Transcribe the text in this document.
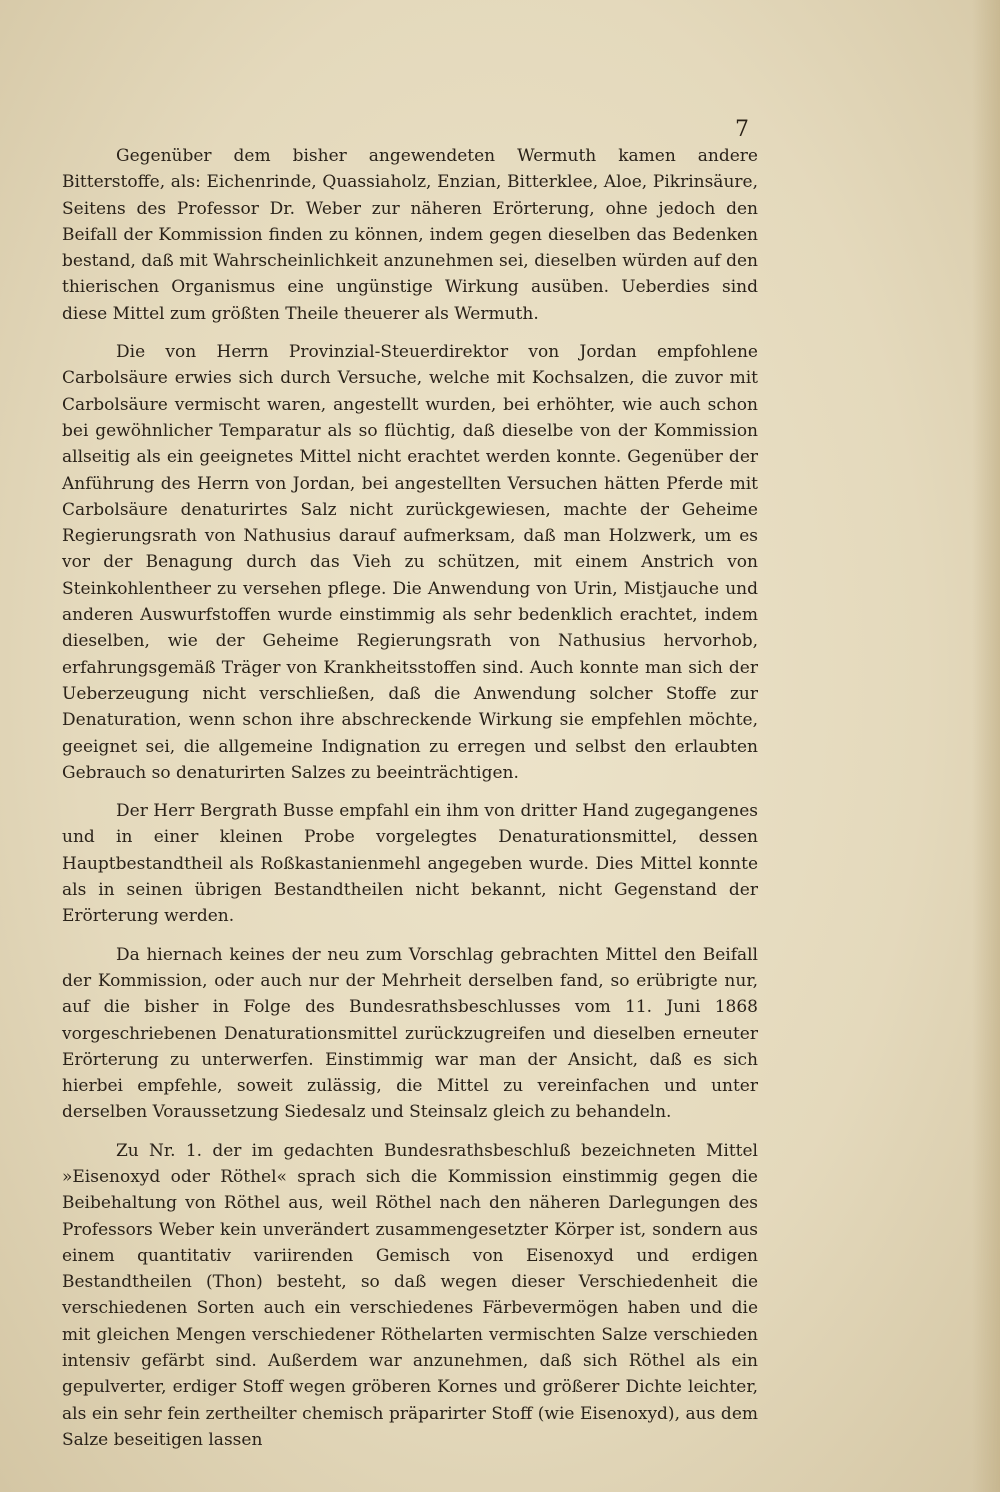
7

Gegenüber dem bisher angewendeten Wermuth kamen andere Bitterstoffe, als: Eichenrinde, Quassiaholz, Enzian, Bitterklee, Aloe, Pikrinsäure, Seitens des Professor Dr. Weber zur näheren Erörterung, ohne jedoch den Beifall der Kommission finden zu können, indem gegen dieselben das Bedenken bestand, daß mit Wahrscheinlichkeit anzunehmen sei, dieselben würden auf den thierischen Organismus eine ungünstige Wirkung ausüben. Ueberdies sind diese Mittel zum größten Theile theuerer als Wermuth.

Die von Herrn Provinzial-Steuerdirektor von Jordan empfohlene Carbolsäure erwies sich durch Versuche, welche mit Kochsalzen, die zuvor mit Carbolsäure vermischt waren, angestellt wurden, bei erhöhter, wie auch schon bei gewöhnlicher Temparatur als so flüchtig, daß dieselbe von der Kommission allseitig als ein geeignetes Mittel nicht erachtet werden konnte. Gegenüber der Anführung des Herrn von Jordan, bei angestellten Versuchen hätten Pferde mit Carbolsäure denaturirtes Salz nicht zurückgewiesen, machte der Geheime Regierungsrath von Nathusius darauf aufmerksam, daß man Holzwerk, um es vor der Benagung durch das Vieh zu schützen, mit einem Anstrich von Steinkohlentheer zu versehen pflege. Die Anwendung von Urin, Mistjauche und anderen Auswurfstoffen wurde einstimmig als sehr bedenklich erachtet, indem dieselben, wie der Geheime Regierungsrath von Nathusius hervorhob, erfahrungsgemäß Träger von Krankheitsstoffen sind. Auch konnte man sich der Ueberzeugung nicht verschließen, daß die Anwendung solcher Stoffe zur Denaturation, wenn schon ihre abschreckende Wirkung sie empfehlen möchte, geeignet sei, die allgemeine Indignation zu erregen und selbst den erlaubten Gebrauch so denaturirten Salzes zu beeinträchtigen.

Der Herr Bergrath Busse empfahl ein ihm von dritter Hand zugegangenes und in einer kleinen Probe vorgelegtes Denaturationsmittel, dessen Hauptbestandtheil als Roßkastanienmehl angegeben wurde. Dies Mittel konnte als in seinen übrigen Bestandtheilen nicht bekannt, nicht Gegenstand der Erörterung werden.

Da hiernach keines der neu zum Vorschlag gebrachten Mittel den Beifall der Kommission, oder auch nur der Mehrheit derselben fand, so erübrigte nur, auf die bisher in Folge des Bundesrathsbeschlusses vom 11. Juni 1868 vorgeschriebenen Denaturationsmittel zurückzugreifen und dieselben erneuter Erörterung zu unterwerfen. Einstimmig war man der Ansicht, daß es sich hierbei empfehle, soweit zulässig, die Mittel zu vereinfachen und unter derselben Voraussetzung Siedesalz und Steinsalz gleich zu behandeln.

Zu Nr. 1. der im gedachten Bundesrathsbeschluß bezeichneten Mittel »Eisenoxyd oder Röthel« sprach sich die Kommission einstimmig gegen die Beibehaltung von Röthel aus, weil Röthel nach den näheren Darlegungen des Professors Weber kein unverändert zusammengesetzter Körper ist, sondern aus einem quantitativ variirenden Gemisch von Eisenoxyd und erdigen Bestandtheilen (Thon) besteht, so daß wegen dieser Verschiedenheit die verschiedenen Sorten auch ein verschiedenes Färbevermögen haben und die mit gleichen Mengen verschiedener Röthelarten vermischten Salze verschieden intensiv gefärbt sind. Außerdem war anzunehmen, daß sich Röthel als ein gepulverter, erdiger Stoff wegen gröberen Kornes und größerer Dichte leichter, als ein sehr fein zertheilter chemisch präparirter Stoff (wie Eisenoxyd), aus dem Salze beseitigen lassen
